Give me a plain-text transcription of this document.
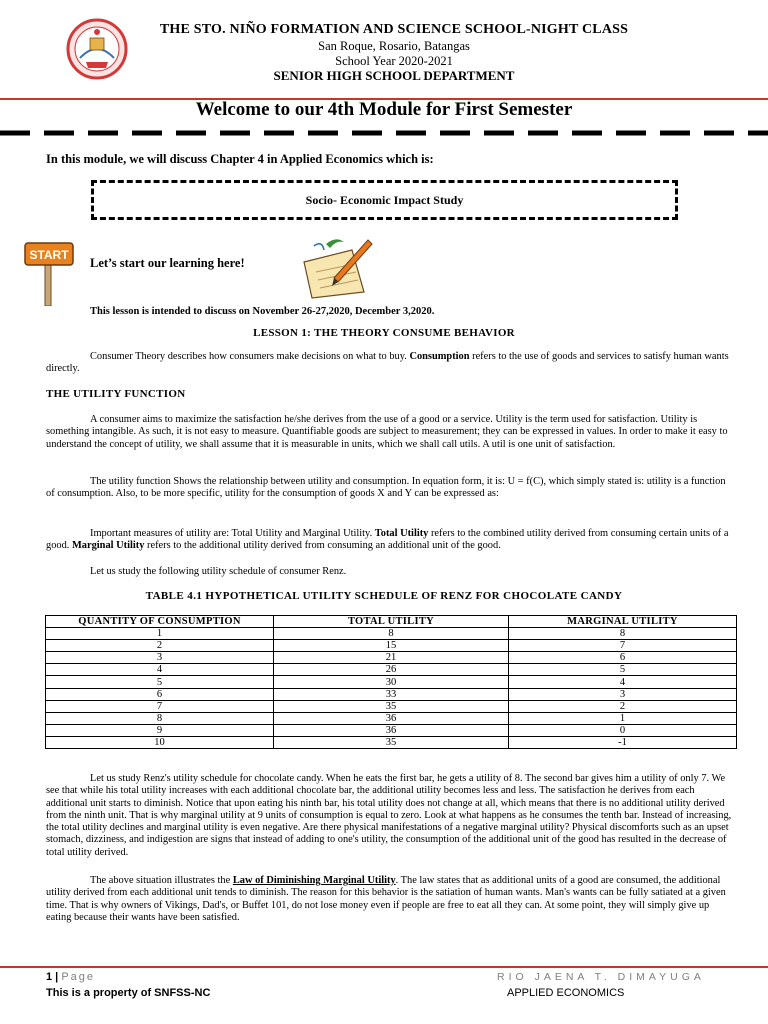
THE STO. NIÑO FORMATION AND SCIENCE SCHOOL-NIGHT CLASS
San Roque, Rosario, Batangas
School Year 2020-2021
SENIOR HIGH SCHOOL DEPARTMENT
Welcome to our 4th Module for First Semester
In this module, we will discuss Chapter 4 in Applied Economics which is:
Socio- Economic Impact Study
START
Let’s start our learning here!
This lesson is intended to discuss on November 26-27,2020, December 3,2020.
LESSON 1: THE THEORY CONSUME BEHAVIOR
Consumer Theory describes how consumers make decisions on what to buy. Consumption refers to the use of goods and services to satisfy human wants directly.
THE UTILITY FUNCTION
A consumer aims to maximize the satisfaction he/she derives from the use of a good or a service. Utility is the term used for satisfaction. Utility is something intangible. As such, it is not easy to measure. Quantifiable goods are subject to measurement; they can be expressed in values. In order to make it easy to understand the concept of utility, we shall assume that it is measurable in units, which we shall call utils. A util is one unit of satisfaction.
The utility function Shows the relationship between utility and consumption. In equation form, it is: U = f(C), which simply stated is: utility is a function of consumption. Also, to be more specific, utility for the consumption of goods X and Y can be expressed as:
Important measures of utility are: Total Utility and Marginal Utility. Total Utility refers to the combined utility derived from consuming certain units of a good. Marginal Utility refers to the additional utility derived from consuming an additional unit of the good.
Let us study the following utility schedule of consumer Renz.
TABLE 4.1 HYPOTHETICAL UTILITY SCHEDULE OF RENZ FOR CHOCOLATE CANDY
QUANTITY OF CONSUMPTION	TOTAL UTILITY	MARGINAL UTILITY
1	8	8
2	15	7
3	21	6
4	26	5
5	30	4
6	33	3
7	35	2
8	36	1
9	36	0
10	35	-1
Let us study Renz's utility schedule for chocolate candy. When he eats the first bar, he gets a utility of 8. The second bar gives him a utility of only 7. We see that while his total utility increases with each additional chocolate bar, the additional utility becomes less and less. The satisfaction he derives from each additional unit starts to diminish. Notice that upon eating his ninth bar, his total utility does not change at all, which means that there is no additional utility derived from the ninth unit. That is why marginal utility at 9 units of consumption is equal to zero. Look at what happens as he consumes the tenth bar. Instead of increasing, the total utility declines and marginal utility is even negative. Are there physical manifestations of a negative marginal utility? Physical discomforts such as an upset stomach, dizziness, and indigestion are signs that instead of adding to one's utility, the consumption of the additional unit of the good has resulted in the decrease of total utility derived.
The above situation illustrates the Law of Diminishing Marginal Utility. The law states that as additional units of a good are consumed, the additional utility derived from each additional unit tends to diminish. The reason for this behavior is the satiation of human wants. Man's wants can be fully satiated at a given time. That is why owners of Vikings, Dad's, or Buffet 101, do not lose money even if people are free to eat all they can. At some point, they will simply give up eating because their wants have been satisfied.
1 | Page
This is a property of SNFSS-NC
RIO JAENA T. DIMAYUGA
APPLIED ECONOMICS
